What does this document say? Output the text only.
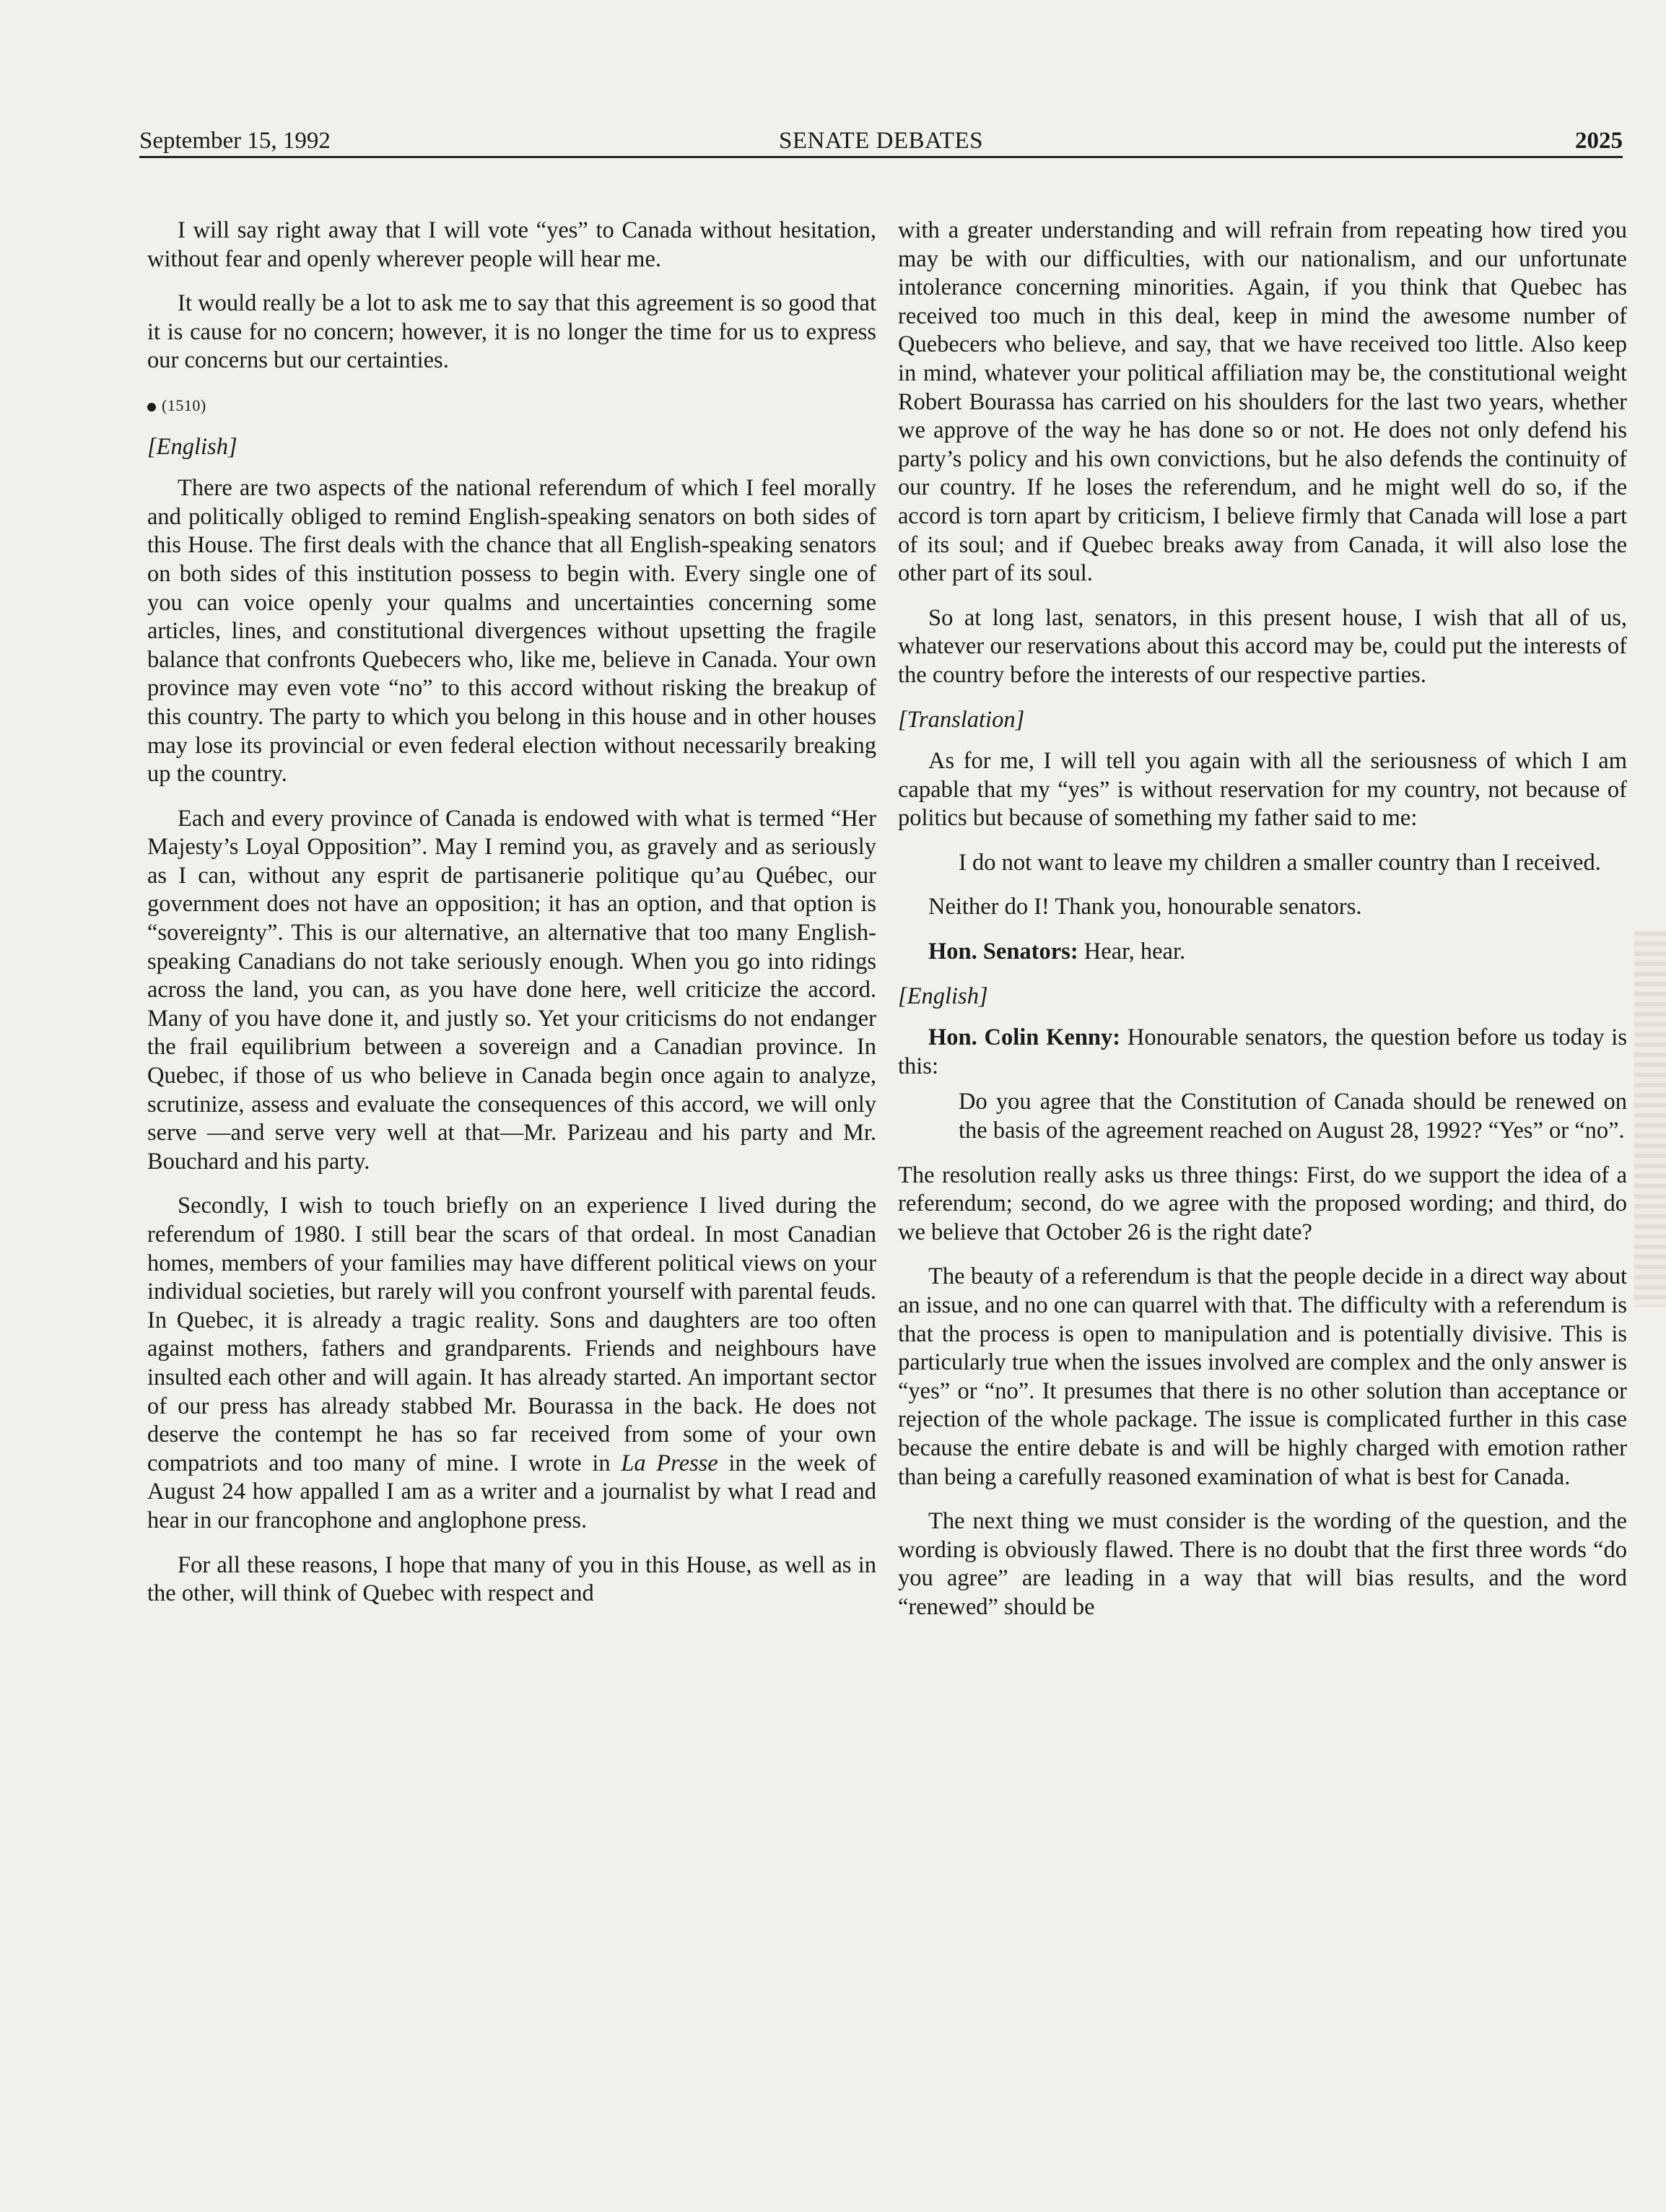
September 15, 1992	SENATE DEBATES	2025

I will say right away that I will vote “yes” to Canada without hesitation, without fear and openly wherever people will hear me.

It would really be a lot to ask me to say that this agreement is so good that it is cause for no concern; however, it is no longer the time for us to express our concerns but our certainties.

(1510)
[English]

There are two aspects of the national referendum of which I feel morally and politically obliged to remind English-speaking senators on both sides of this House. The first deals with the chance that all English-speaking senators on both sides of this institution possess to begin with. Every single one of you can voice openly your qualms and uncertainties concerning some articles, lines, and constitutional divergences without upsetting the fragile balance that confronts Quebecers who, like me, believe in Canada. Your own province may even vote “no” to this accord without risking the breakup of this country. The party to which you belong in this house and in other houses may lose its provincial or even federal election without necessarily breaking up the country.

Each and every province of Canada is endowed with what is termed “Her Majesty’s Loyal Opposition”. May I remind you, as gravely and as seriously as I can, without any esprit de partisanerie politique qu’au Québec, our government does not have an opposition; it has an option, and that option is “sovereignty”. This is our alternative, an alternative that too many English-speaking Canadians do not take seriously enough. When you go into ridings across the land, you can, as you have done here, well criticize the accord. Many of you have done it, and justly so. Yet your criticisms do not endanger the frail equilibrium between a sovereign and a Canadian province. In Quebec, if those of us who believe in Canada begin once again to analyze, scrutinize, assess and evaluate the consequences of this accord, we will only serve —and serve very well at that—Mr. Parizeau and his party and Mr. Bouchard and his party.

Secondly, I wish to touch briefly on an experience I lived during the referendum of 1980. I still bear the scars of that ordeal. In most Canadian homes, members of your families may have different political views on your individual societies, but rarely will you confront yourself with parental feuds. In Quebec, it is already a tragic reality. Sons and daughters are too often against mothers, fathers and grandparents. Friends and neighbours have insulted each other and will again. It has already started. An important sector of our press has already stabbed Mr. Bourassa in the back. He does not deserve the contempt he has so far received from some of your own compatriots and too many of mine. I wrote in La Presse in the week of August 24 how appalled I am as a writer and a journalist by what I read and hear in our francophone and anglophone press.

For all these reasons, I hope that many of you in this House, as well as in the other, will think of Quebec with respect and

with a greater understanding and will refrain from repeating how tired you may be with our difficulties, with our nationalism, and our unfortunate intolerance concerning minorities. Again, if you think that Quebec has received too much in this deal, keep in mind the awesome number of Quebecers who believe, and say, that we have received too little. Also keep in mind, whatever your political affiliation may be, the constitutional weight Robert Bourassa has carried on his shoulders for the last two years, whether we approve of the way he has done so or not. He does not only defend his party’s policy and his own convictions, but he also defends the continuity of our country. If he loses the referendum, and he might well do so, if the accord is torn apart by criticism, I believe firmly that Canada will lose a part of its soul; and if Quebec breaks away from Canada, it will also lose the other part of its soul.

So at long last, senators, in this present house, I wish that all of us, whatever our reservations about this accord may be, could put the interests of the country before the interests of our respective parties.

[Translation]

As for me, I will tell you again with all the seriousness of which I am capable that my “yes” is without reservation for my country, not because of politics but because of something my father said to me:

I do not want to leave my children a smaller country than I received.

Neither do I! Thank you, honourable senators.

Hon. Senators: Hear, hear.

[English]

Hon. Colin Kenny: Honourable senators, the question before us today is this:

Do you agree that the Constitution of Canada should be renewed on the basis of the agreement reached on August 28, 1992? “Yes” or “no”.

The resolution really asks us three things: First, do we support the idea of a referendum; second, do we agree with the proposed wording; and third, do we believe that October 26 is the right date?

The beauty of a referendum is that the people decide in a direct way about an issue, and no one can quarrel with that. The difficulty with a referendum is that the process is open to manipulation and is potentially divisive. This is particularly true when the issues involved are complex and the only answer is “yes” or “no”. It presumes that there is no other solution than acceptance or rejection of the whole package. The issue is complicated further in this case because the entire debate is and will be highly charged with emotion rather than being a carefully reasoned examination of what is best for Canada.

The next thing we must consider is the wording of the question, and the wording is obviously flawed. There is no doubt that the first three words “do you agree” are leading in a way that will bias results, and the word “renewed” should be
